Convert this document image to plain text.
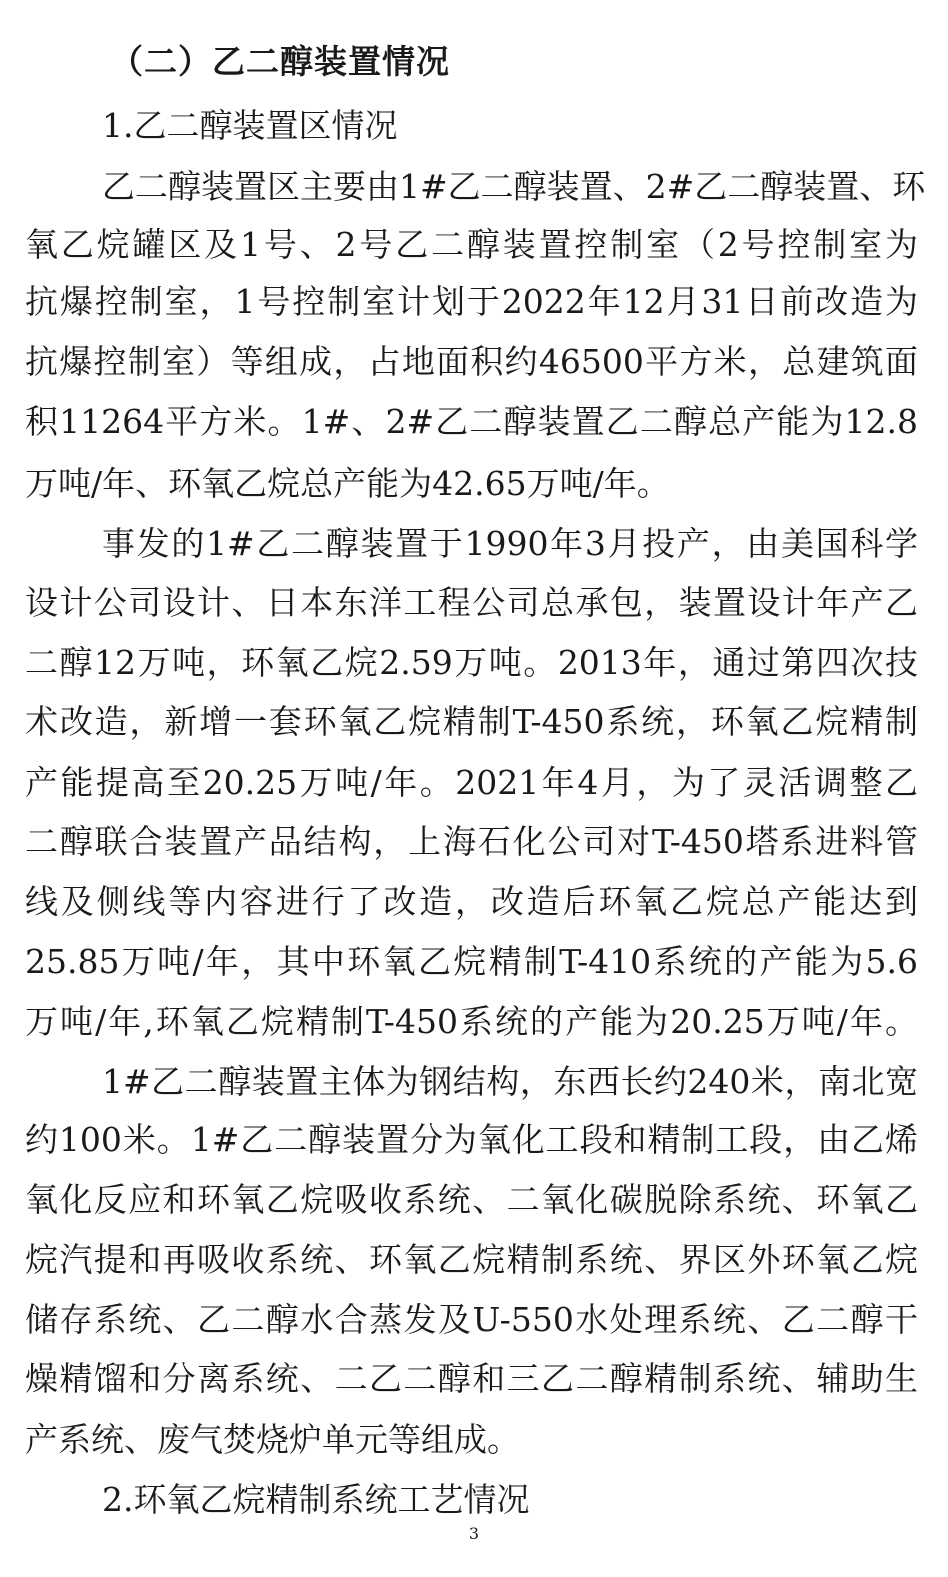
（二）乙二醇装置情况
1.乙二醇装置区情况
乙二醇装置区主要由1#乙二醇装置、2#乙二醇装置、环
氧乙烷罐区及1号、2号乙二醇装置控制室（2号控制室为
抗爆控制室，1号控制室计划于2022年12月31日前改造为
抗爆控制室）等组成，占地面积约46500平方米，总建筑面
积11264平方米。1#、2#乙二醇装置乙二醇总产能为12.8
万吨/年、环氧乙烷总产能为42.65万吨/年。
事发的1#乙二醇装置于1990年3月投产，由美国科学
设计公司设计、日本东洋工程公司总承包，装置设计年产乙
二醇12万吨，环氧乙烷2.59万吨。2013年，通过第四次技
术改造，新增一套环氧乙烷精制T-450系统，环氧乙烷精制
产能提高至20.25万吨/年。2021年4月，为了灵活调整乙
二醇联合装置产品结构，上海石化公司对T-450塔系进料管
线及侧线等内容进行了改造，改造后环氧乙烷总产能达到
25.85万吨/年，其中环氧乙烷精制T-410系统的产能为5.6
万吨/年,环氧乙烷精制T-450系统的产能为20.25万吨/年。
1#乙二醇装置主体为钢结构，东西长约240米，南北宽
约100米。1#乙二醇装置分为氧化工段和精制工段，由乙烯
氧化反应和环氧乙烷吸收系统、二氧化碳脱除系统、环氧乙
烷汽提和再吸收系统、环氧乙烷精制系统、界区外环氧乙烷
储存系统、乙二醇水合蒸发及U-550水处理系统、乙二醇干
燥精馏和分离系统、二乙二醇和三乙二醇精制系统、辅助生
产系统、废气焚烧炉单元等组成。
2.环氧乙烷精制系统工艺情况
3
